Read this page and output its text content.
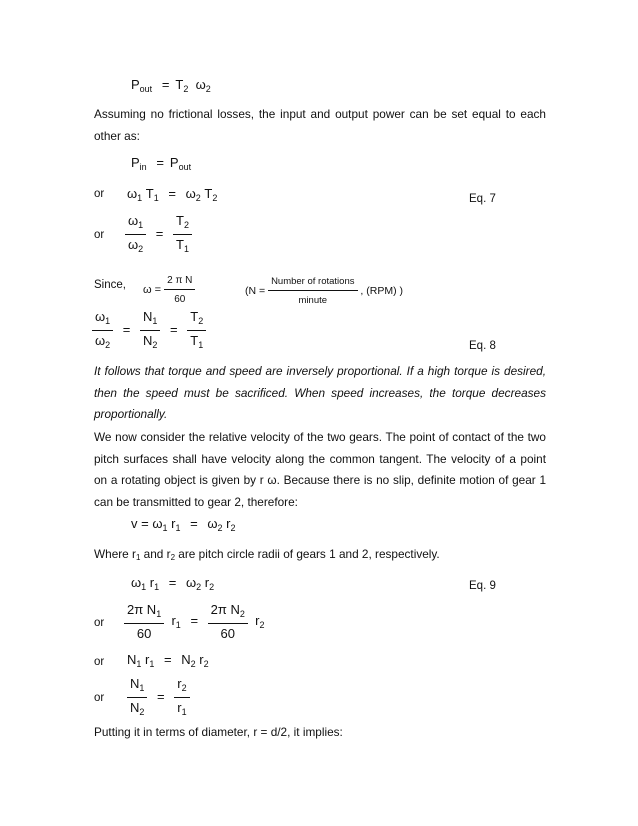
$P_{out} = T_2$ $\omega_2$
Assuming no frictional losses, the input and output power can be set equal to each other as:
$P_{in} = P_{out}$
or $\omega_1$ $T_1 = \omega_2$ $T_2$	Eq. 7
or $\frac{\omega_1}{\omega_2} = \frac{T_2}{T_1}$
Since, $\omega = \frac{\text{2 π N}}{60}$	($N = \frac{\text{Number of rotations}}{\text{minute}}$ , (RPM) )
$\frac{\omega_1}{\omega_2} = \frac{N_1}{N_2} = \frac{T_2}{T_1}$	Eq. 8
It follows that torque and speed are inversely proportional. If a high torque is desired, then the speed must be sacrificed. When speed increases, the torque decreases proportionally.
We now consider the relative velocity of the two gears. The point of contact of the two pitch surfaces shall have velocity along the common tangent. The velocity of a point on a rotating object is given by r ω. Because there is no slip, definite motion of gear 1 can be transmitted to gear 2, therefore:
$v = \omega_1$ $r_1 = \omega_2$ $r_2$
Where r1 and r2 are pitch circle radii of gears 1 and 2, respectively.
$\omega_1$ $r_1 = \omega_2$ $r_2$	Eq. 9
or $\frac{2\pi N_1}{60} r_1 = \frac{2\pi N_2}{60} r_2$
or $N_1$ $r_1 = N_2$ $r_2$
or $\frac{N_1}{N_2} = \frac{r_2}{r_1}$
Putting it in terms of diameter, r = d/2, it implies:
